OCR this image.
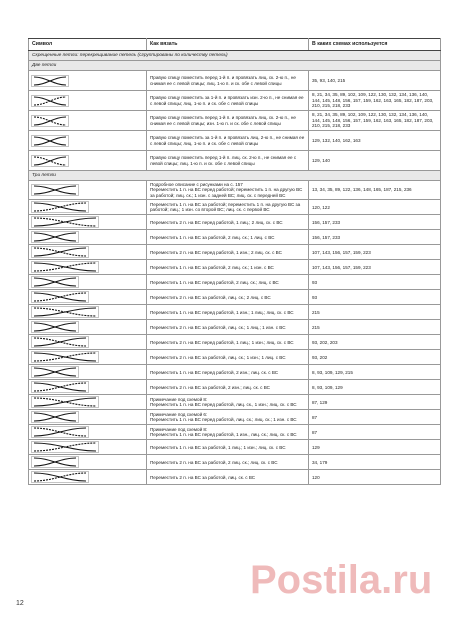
Символ	Как вязать	В каких схемах используется
Скрещенные петли: перекрещивание петель (сгруппированы по количеству петель)		
Две петли		

	Правую спицу поместить перед 1-й п. и провязать лиц. ск. 2-ю п., не снимая ее с левой спицы; лиц. 1-ю п. и ск. обе с левой спицы	35, 93, 140, 215

	Правую спицу поместить за 1-й п. и провязать изн. 2-ю п., не снимая ее с левой спицы; лиц. 1-ю п. и ск. обе с левой спицы	8, 21, 34, 35, 89, 102, 109, 122, 130, 132, 134, 136, 140, 144, 145, 148, 156, 157, 159, 162, 163, 165, 182, 187, 203, 210, 215, 218, 233

	Правую спицу поместить перед 1-й п. и провязать лиц. ск. 2-ю п., не снимая ее с левой спицы; изн. 1-ю п. и ск. обе с левой спицы	8, 21, 34, 35, 89, 102, 109, 122, 130, 132, 134, 136, 140, 144, 145, 148, 156, 157, 159, 162, 163, 165, 182, 187, 203, 210, 215, 218, 233

	Правую спицу поместить за 1-й п. и провязать лиц. 2-ю п., не снимая ее с левой спицы; лиц. 1-ю п. и ск. обе с левой спицы	129, 132, 140, 162, 163

	Правую спицу поместить перед 1-й п. лиц. ск. 2-ю п., не снимая ее с левой спицы; лиц. 1-ю п. и ск. обе с левой спицы	129, 140
Три петли		

	Подробное описание с рисунками на с. 157
Переместить 1 п. на ВС перед работой; переместить 1 п. на другую ВС за работой; лиц. ск.; 1 изн. с задней ВС; лиц. ск. с передней ВС	13, 34, 35, 89, 122, 136, 148, 165, 187, 215, 236

	Переместить 1 п. на ВС за работой; переместить 1 п. на другую ВС за работой; лиц.; 1 изн. со второй ВС; лиц. ск. с первой ВС	120, 122

	Переместить 2 п. на ВС перед работой, 1 лиц.; 2 лиц. ск. с ВС	156, 157, 233

	Переместить 1 п. на ВС за работой, 2 лиц. ск.; 1 лиц. с ВС	156, 157, 233

	Переместить 2 п. на ВС перед работой, 1 изн.; 2 лиц. ск. с ВС	107, 143, 156, 157, 159, 223

	Переместить 1 п. на ВС за работой, 2 лиц. ск.; 1 изн. с ВС	107, 143, 156, 157, 159, 223

	Переместить 1 п. на ВС перед работой, 2 лиц. ск.; лиц. с ВС	93

	Переместить 2 п. на ВС за работой, лиц. ск.; 2 лиц. с ВС	93

	Переместить 1 п. на ВС перед работой, 1 изн.; 1 лиц.; лиц. ск. с ВС	215

	Переместить 2 п. на ВС за работой, лиц. ск.; 1 лиц.; 1 изн. с ВС	215

	Переместить 2 п. на ВС перед работой, 1 лиц.; 1 изн.; лиц. ск. с ВС	93, 202, 203

	Переместить 2 п. на ВС за работой, лиц. ск.; 1 изн.; 1 лиц. с ВС	93, 202

	Переместить 1 п. на ВС перед работой, 2 изн.; лиц. ск. с ВС	8, 93, 109, 129, 215

	Переместить 2 п. на ВС за работой, 2 изн.; лиц. ск. с ВС	8, 93, 109, 129

	Примечание под схемой 8:
Переместить 1 п. на ВС перед работой, лиц. ск., 1 изн.; лиц. ск. с ВС	87, 129

	Примечание под схемой 6:
Переместить 1 п. на ВС перед работой, лиц. ск.; лиц. ск.; 1 изн. с ВС	87

	Примечание под схемой 8:
Переместить 1 п. на ВС перед работой, 1 изн., лиц. ск.; лиц. ск. с ВС	87

	Переместить 1 п. на ВС за работой, 1 лиц.; 1 изн.; лиц. ск. с ВС	129

	Переместить 2 п. на ВС за работой, 2 лиц. ск.; лиц. ск. с ВС	34, 179

	Переместить 2 п. на ВС за работой, лиц. ск. с ВС	120
12
Postila.ru
